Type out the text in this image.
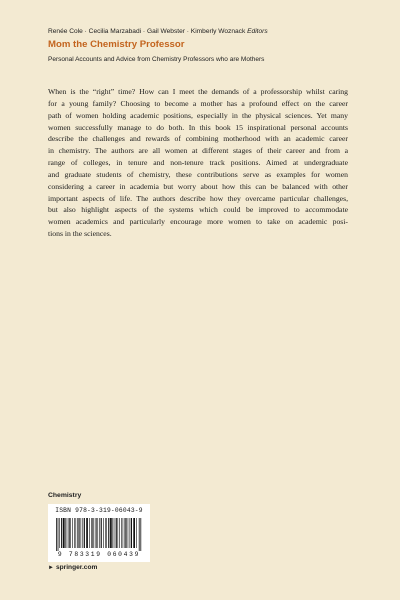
Renée Cole · Cecilia Marzabadi · Gail Webster · Kimberly Woznack Editors
Mom the Chemistry Professor
Personal Accounts and Advice from Chemistry Professors who are Mothers
When is the “right” time? How can I meet the demands of a professorship whilst caring
for a young family? Choosing to become a mother has a profound effect on the career
path of women holding academic positions, especially in the physical sciences. Yet many
women successfully manage to do both. In this book 15 inspirational personal accounts
describe the challenges and rewards of combining motherhood with an academic career
in chemistry. The authors are all women at different stages of their career and from a
range of colleges, in tenure and non-tenure track positions. Aimed at undergraduate
and graduate students of chemistry, these contributions serve as examples for women
considering a career in academia but worry about how this can be balanced with other
important aspects of life. The authors describe how they overcame particular challenges,
but also highlight aspects of the systems which could be improved to accommodate
women academics and particularly encourage more women to take on academic posi-
tions in the sciences.
Chemistry
ISBN 978-3-319-06043-9
9 783319 060439
► springer.com
